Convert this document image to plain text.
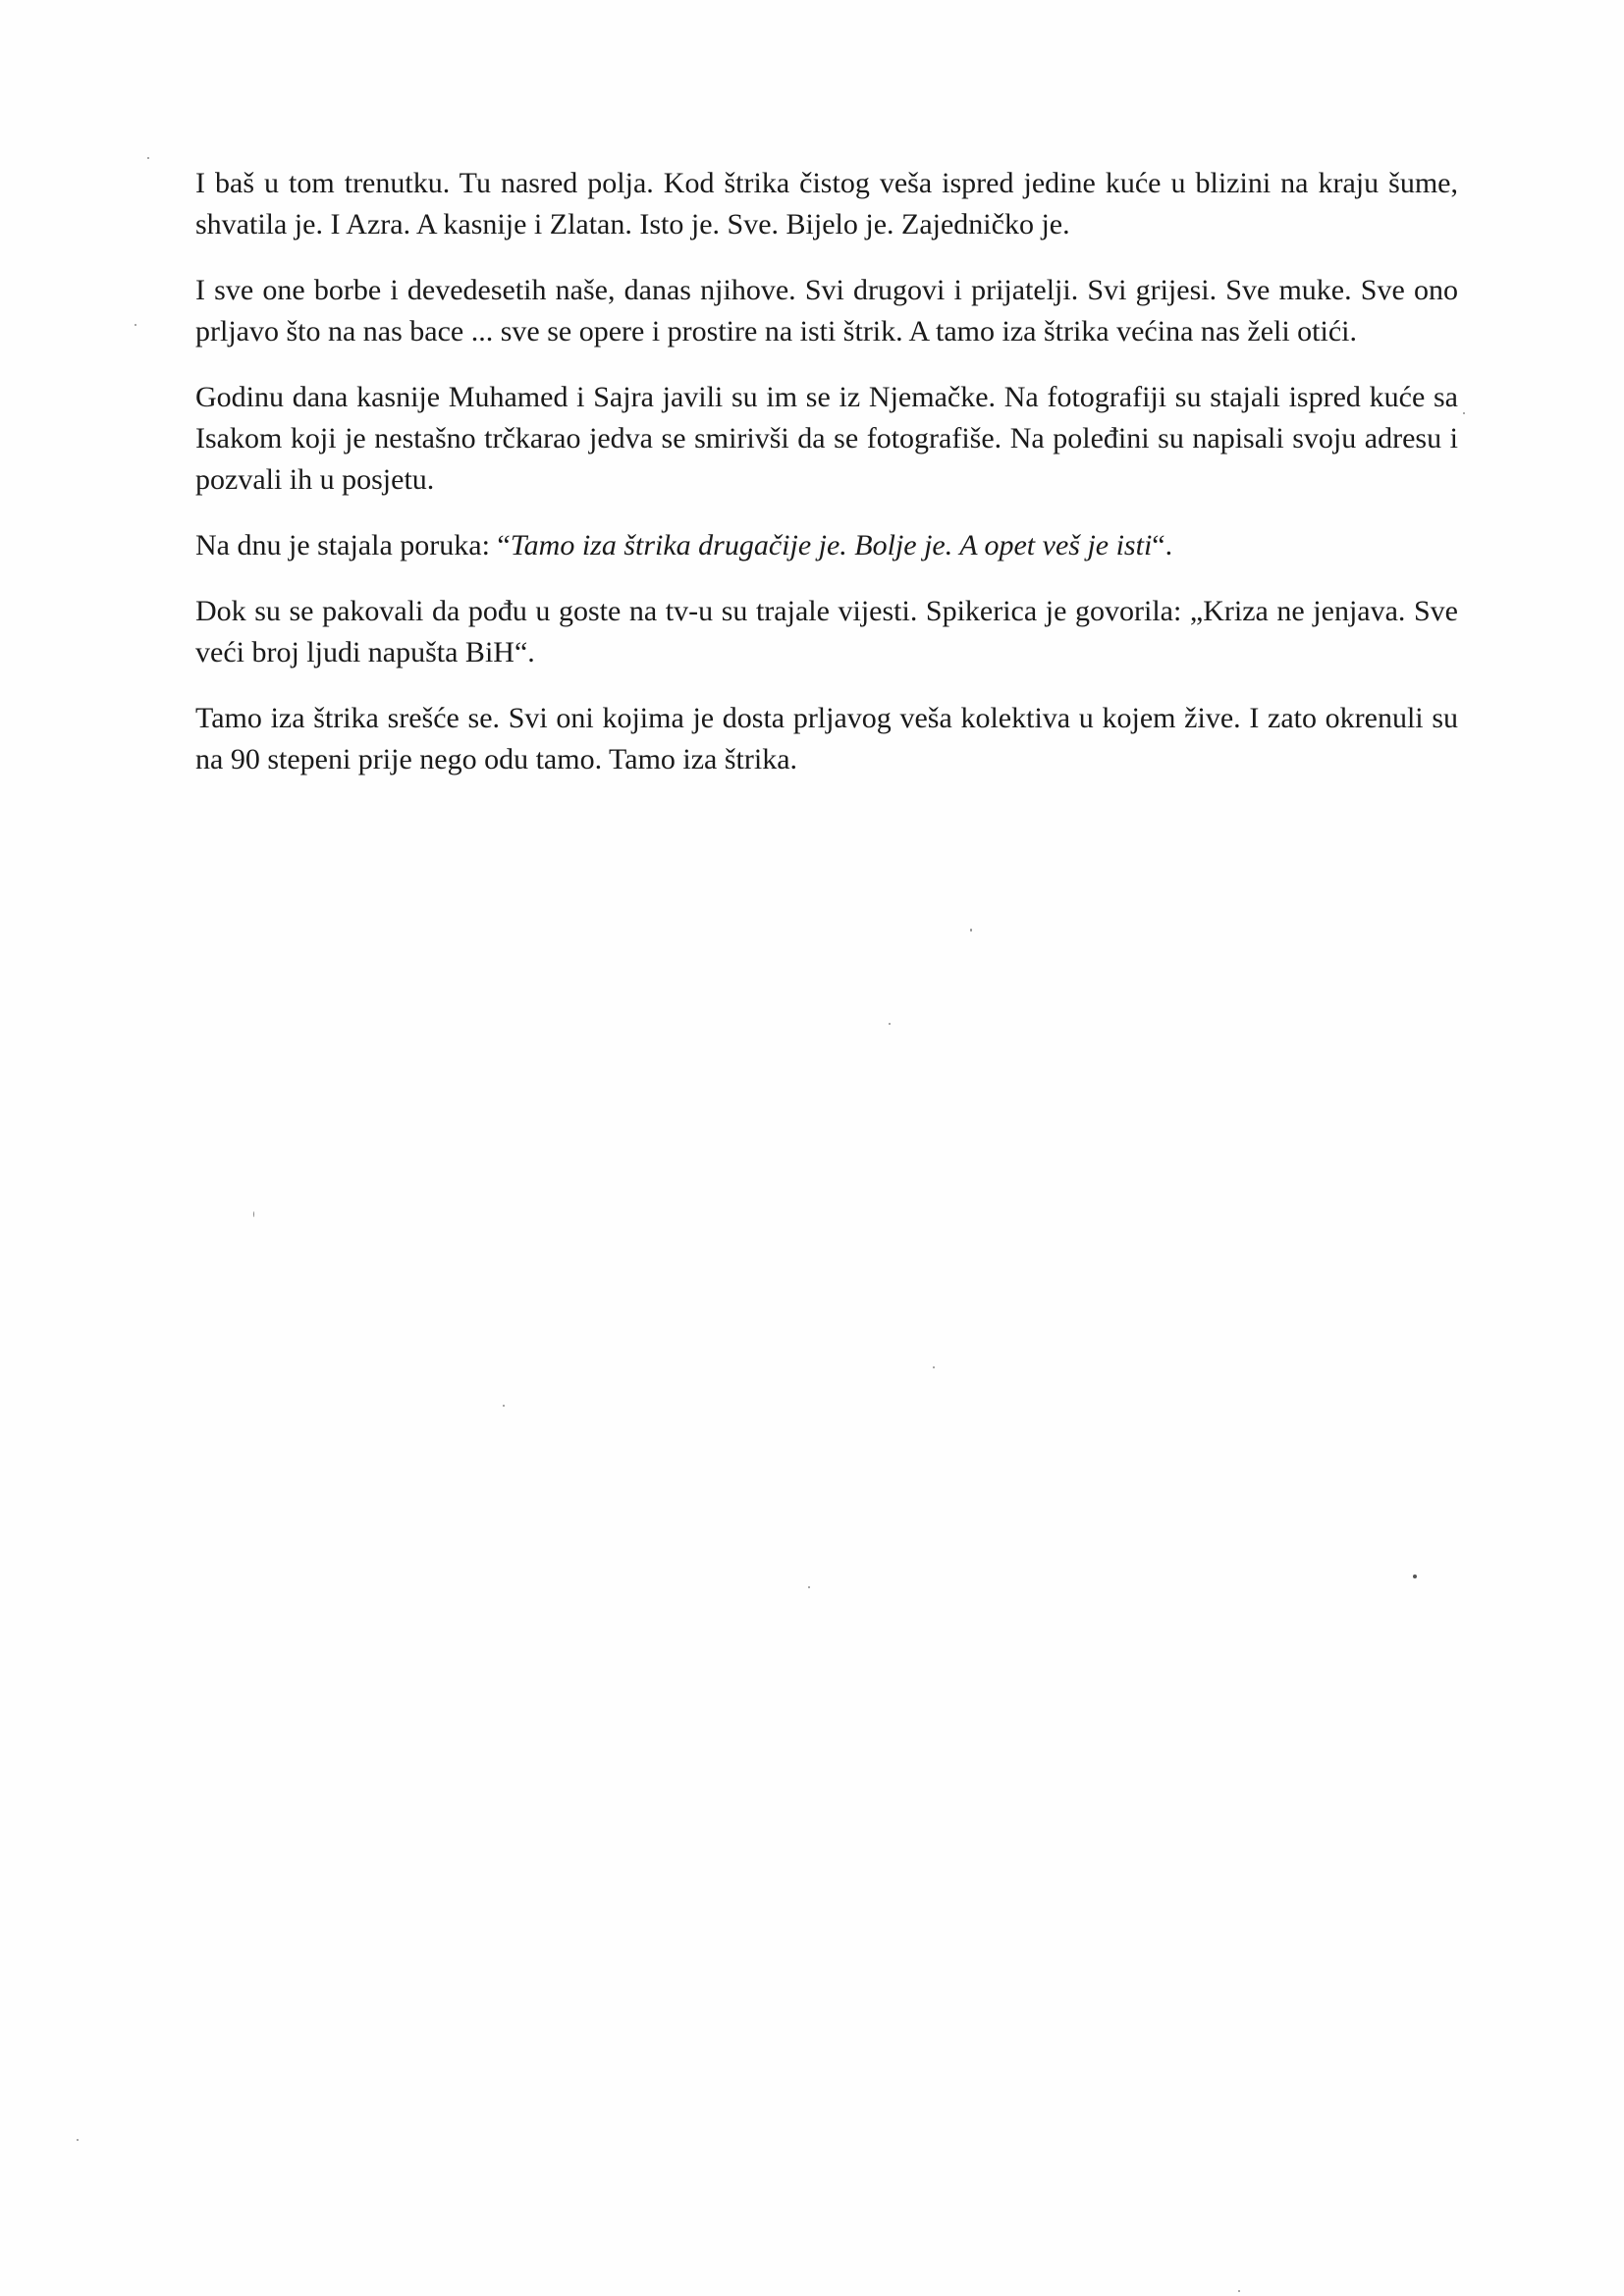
I baš u tom trenutku. Tu nasred polja. Kod štrika čistog veša ispred jedine kuće u blizini na kraju šume, shvatila je. I Azra. A kasnije i Zlatan. Isto je. Sve. Bijelo je. Zajedničko je.

I sve one borbe i devedesetih naše, danas njihove. Svi drugovi i prijatelji. Svi grijesi. Sve muke. Sve ono prljavo što na nas bace ... sve se opere i prostire na isti štrik. A tamo iza štrika većina nas želi otići.

Godinu dana kasnije Muhamed i Sajra javili su im se iz Njemačke. Na fotografiji su stajali ispred kuće sa Isakom koji je nestašno trčkarao jedva se smirivši da se fotografiše. Na poleđini su napisali svoju adresu i pozvali ih u posjetu.

Na dnu je stajala poruka: “Tamo iza štrika drugačije je. Bolje je. A opet veš je isti“.

Dok su se pakovali da pođu u goste na tv-u su trajale vijesti. Spikerica je govorila: „Kriza ne jenjava. Sve veći broj ljudi napušta BiH“.

Tamo iza štrika srešće se. Svi oni kojima je dosta prljavog veša kolektiva u kojem žive. I zato okrenuli su na 90 stepeni prije nego odu tamo. Tamo iza štrika.
